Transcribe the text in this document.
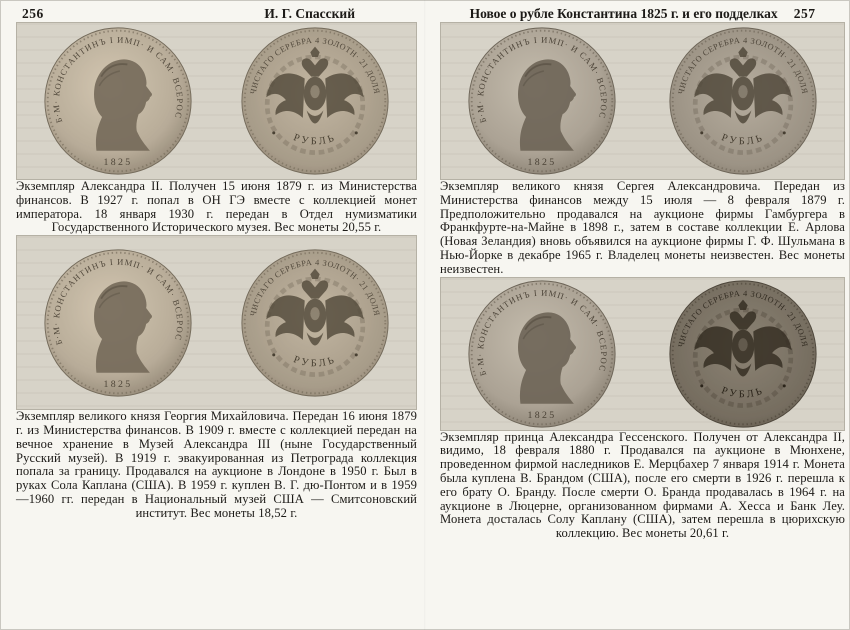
256	И. Г. Спасский

Экземпляр Александра II. Получен 15 июня 1879 г. из Министерства финансов. В 1927 г. попал в ОН ГЭ вместе с коллекцией монет императора. 18 января 1930 г. передан в Отдел нумизматики Государственного Исторического музея. Вес монеты 20,55 г.

Экземпляр великого князя Георгия Михайловича. Передан 16 июня 1879 г. из Министерства финансов. В 1909 г. вместе с коллекцией передан на вечное хранение в Музей Александра III (ныне Государственный Русский музей). В 1919 г. эвакуированная из Петрограда коллекция попала за границу. Продавался на аукционе в Лондоне в 1950 г. Был в руках Сола Каплана (США). В 1959 г. куплен В. Г. дю-Понтом и в 1959—1960 гг. передан в Национальный музей США — Смитсоновский институт. Вес монеты 18,52 г.

Новое о рубле Константина 1825 г. и его подделках 257

Экземпляр великого князя Сергея Александровича. Передан из Министерства финансов между 15 июля — 8 февраля 1879 г. Предположительно продавался на аукционе фирмы Гамбургера в Франкфурте-на-Майне в 1898 г., затем в составе коллекции Е. Арлова (Новая Зеландия) вновь объявился на аукционе фирмы Г. Ф. Шульмана в Нью-Йорке в декабре 1965 г. Владелец монеты неизвестен. Вес монеты неизвестен.

Экземпляр принца Александра Гессенского. Получен от Александра II, видимо, 18 февраля 1880 г. Продавался па аукционе в Мюнхене, проведенном фирмой наследников Е. Мерцбахер 7 января 1914 г. Монета была куплена В. Брандом (США), после его смерти в 1926 г. перешла к его брату О. Бранду. После смерти О. Бранда продавалась в 1964 г. на аукционе в Люцерне, организованном фирмами А. Хесса и Банк Леу. Монета досталась Солу Каплану (США), затем перешла в цюрихскую коллекцию. Вес монеты 20,61 г.
